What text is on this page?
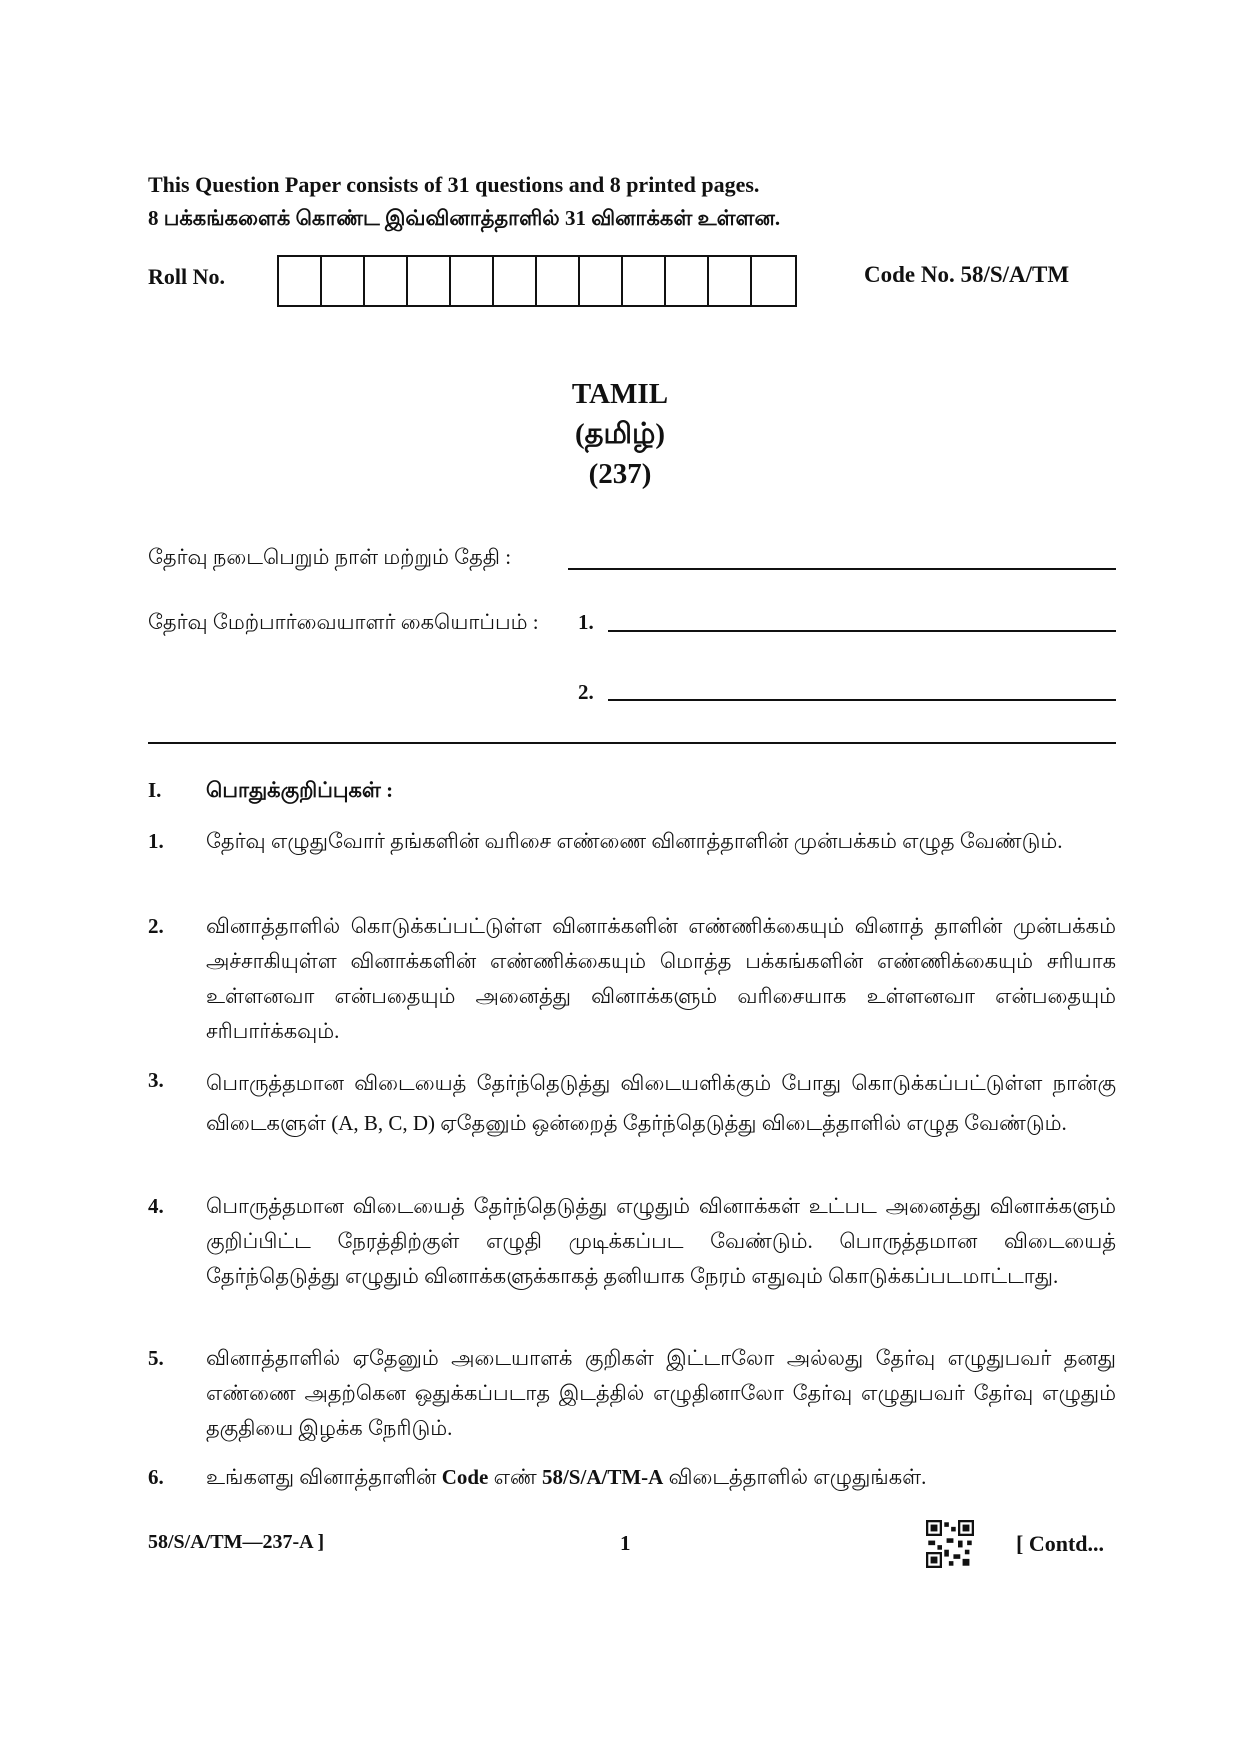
This Question Paper consists of 31 questions and 8 printed pages.
8 பக்கங்களைக் கொண்ட இவ்வினாத்தாளில் 31 வினாக்கள் உள்ளன.
Roll No.	Code No. 58/S/A/TM
TAMIL
(தமிழ்)
(237)
தேர்வு நடைபெறும் நாள் மற்றும் தேதி :
தேர்வு மேற்பார்வையாளர் கையொப்பம் : 1.
2.
I. பொதுக்குறிப்புகள் :
1. தேர்வு எழுதுவோர் தங்களின் வரிசை எண்ணை வினாத்தாளின் முன்பக்கம் எழுத வேண்டும்.
2. வினாத்தாளில் கொடுக்கப்பட்டுள்ள வினாக்களின் எண்ணிக்கையும் வினாத் தாளின் முன்பக்கம் அச்சாகியுள்ள வினாக்களின் எண்ணிக்கையும் மொத்த பக்கங்களின் எண்ணிக்கையும் சரியாக உள்ளனவா என்பதையும் அனைத்து வினாக்களும் வரிசையாக உள்ளனவா என்பதையும் சரிபார்க்கவும்.
3. பொருத்தமான விடையைத் தேர்ந்தெடுத்து விடையளிக்கும் போது கொடுக்கப்பட்டுள்ள நான்கு விடைகளுள் (A, B, C, D) ஏதேனும் ஒன்றைத் தேர்ந்தெடுத்து விடைத்தாளில் எழுத வேண்டும்.
4. பொருத்தமான விடையைத் தேர்ந்தெடுத்து எழுதும் வினாக்கள் உட்பட அனைத்து வினாக்களும் குறிப்பிட்ட நேரத்திற்குள் எழுதி முடிக்கப்பட வேண்டும். பொருத்தமான விடையைத் தேர்ந்தெடுத்து எழுதும் வினாக்களுக்காகத் தனியாக நேரம் எதுவும் கொடுக்கப்படமாட்டாது.
5. வினாத்தாளில் ஏதேனும் அடையாளக் குறிகள் இட்டாலோ அல்லது தேர்வு எழுதுபவர் தனது எண்ணை அதற்கென ஒதுக்கப்படாத இடத்தில் எழுதினாலோ தேர்வு எழுதுபவர் தேர்வு எழுதும் தகுதியை இழக்க நேரிடும்.
6. உங்களது வினாத்தாளின் Code எண் 58/S/A/TM-A விடைத்தாளில் எழுதுங்கள்.
58/S/A/TM—237-A ]	1	[ Contd...
